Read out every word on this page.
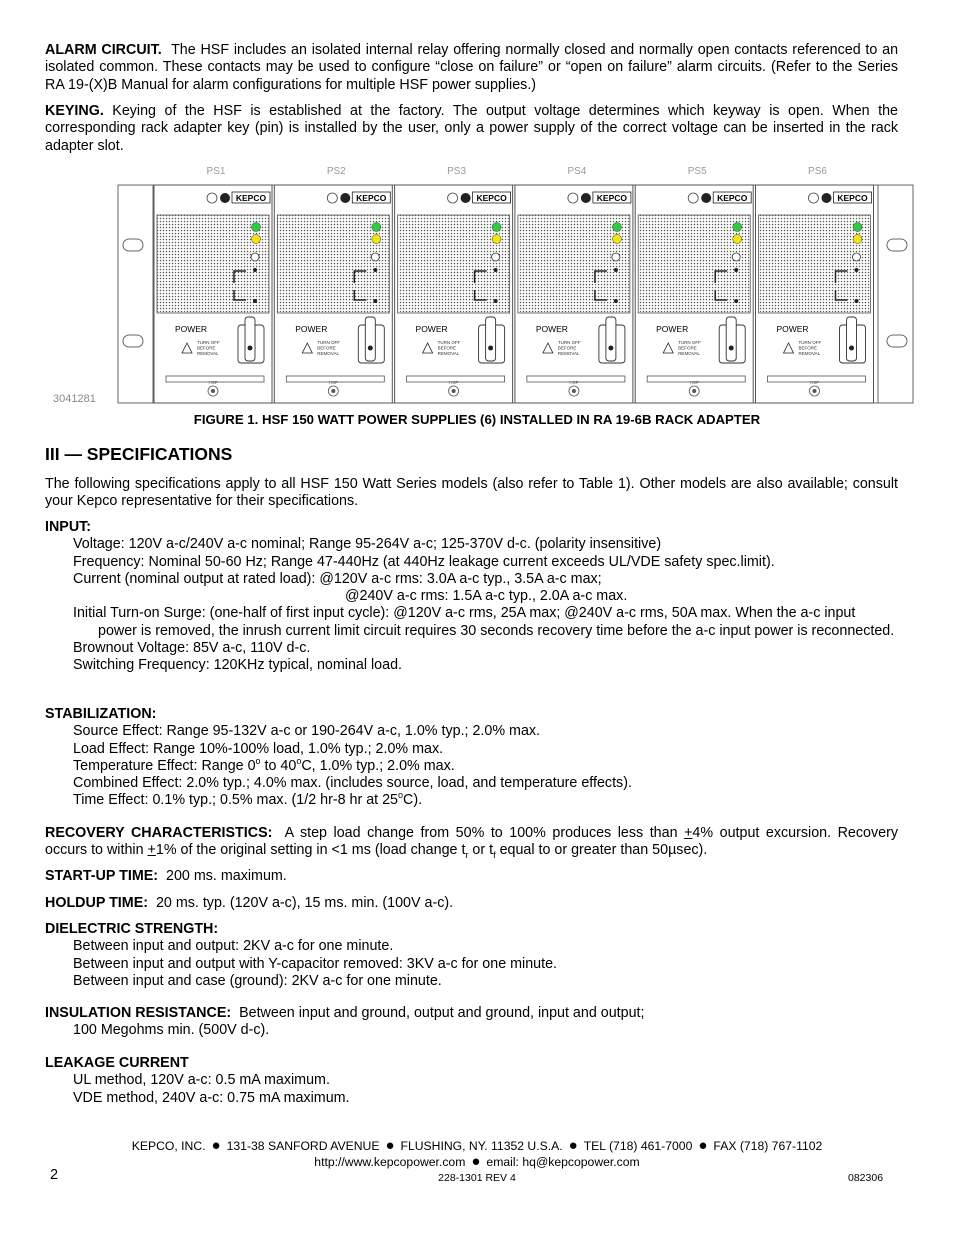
ALARM CIRCUIT. The HSF includes an isolated internal relay offering normally closed and normally open contacts referenced to an isolated common. These contacts may be used to configure “close on failure” or “open on failure” alarm circuits. (Refer to the Series RA 19-(X)B Manual for alarm configurations for multiple HSF power supplies.)

KEYING. Keying of the HSF is established at the factory. The output voltage determines which keyway is open. When the corresponding rack adapter key (pin) is installed by the user, only a power supply of the correct voltage can be inserted in the rack adapter slot.

3041281
PS1
KEPCO
POWER
TURN OFF
BEFORE
REMOVAL
HSF
PS2
KEPCO
POWER
TURN OFF
BEFORE
REMOVAL
HSF
PS3
KEPCO
POWER
TURN OFF
BEFORE
REMOVAL
HSF
PS4
KEPCO
POWER
TURN OFF
BEFORE
REMOVAL
HSF
PS5
KEPCO
POWER
TURN OFF
BEFORE
REMOVAL
HSF
PS6
KEPCO
POWER
TURN OFF
BEFORE
REMOVAL
HSF
FIGURE 1. HSF 150 WATT POWER SUPPLIES (6) INSTALLED IN RA 19-6B RACK ADAPTER
III — SPECIFICATIONS

The following specifications apply to all HSF 150 Watt Series models (also refer to Table 1). Other models are also available; consult your Kepco representative for their specifications.

INPUT:
Voltage: 120V a-c/240V a-c nominal; Range 95-264V a-c; 125-370V d-c. (polarity insensitive)
Frequency: Nominal 50-60 Hz; Range 47-440Hz (at 440Hz leakage current exceeds UL/VDE safety spec.limit).
Current (nominal output at rated load): @120V a-c rms: 3.0A a-c typ., 3.5A a-c max;
@240V a-c rms: 1.5A a-c typ., 2.0A a-c max.
Initial Turn-on Surge: (one-half of first input cycle): @120V a-c rms, 25A max; @240V a-c rms, 50A max. When the a-c input power is removed, the inrush current limit circuit requires 30 seconds recovery time before the a-c input power is reconnected.
Brownout Voltage: 85V a-c, 110V d-c.
Switching Frequency: 120KHz typical, nominal load.
STABILIZATION:
Source Effect: Range 95-132V a-c or 190-264V a-c, 1.0% typ.; 2.0% max.
Load Effect: Range 10%-100% load, 1.0% typ.; 2.0% max.
Temperature Effect: Range 0$^o$ to 40$^o$C, 1.0% typ.; 2.0% max.
Combined Effect: 2.0% typ.; 4.0% max. (includes source, load, and temperature effects).
Time Effect: 0.1% typ.; 0.5% max. (1/2 hr-8 hr at 25$^o$C).

RECOVERY CHARACTERISTICS: A step load change from 50% to 100% produces less than +4% output excursion. Recovery occurs to within +1% of the original setting in <1 ms (load change $t_r$ or $t_f$ equal to or greater than 50µsec).

START-UP TIME: 200 ms. maximum.

HOLDUP TIME: 20 ms. typ. (120V a-c), 15 ms. min. (100V a-c).

DIELECTRIC STRENGTH:
Between input and output: 2KV a-c for one minute.
Between input and output with Y-capacitor removed: 3KV a-c for one minute.
Between input and case (ground): 2KV a-c for one minute.
INSULATION RESISTANCE: Between input and ground, output and ground, input and output;
100 Megohms min. (500V d-c).
LEAKAGE CURRENT
UL method, 120V a-c: 0.5 mA maximum.
VDE method, 240V a-c: 0.75 mA maximum.
KEPCO, INC. ● 131-38 SANFORD AVENUE ● FLUSHING, NY. 11352 U.S.A. ● TEL (718) 461-7000 ● FAX (718) 767-1102
http://www.kepcopower.com ● email: hq@kepcopower.com
2	228-1301 REV 4	082306
